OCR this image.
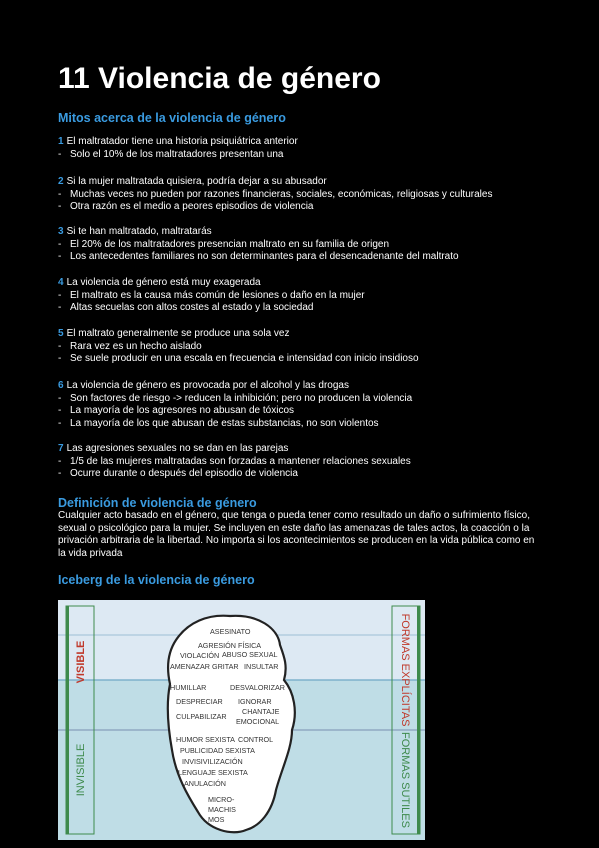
11 Violencia de género
Mitos acerca de la violencia de género
1 El maltratador tiene una historia psiquiátrica anterior
- Solo el 10% de los maltratadores presentan una
2 Si la mujer maltratada quisiera, podría dejar a su abusador
- Muchas veces no pueden por razones financieras, sociales, económicas, religiosas y culturales
- Otra razón es el medio a peores episodios de violencia
3 Si te han maltratado, maltratarás
- El 20% de los maltratadores presencian maltrato en su familia de origen
- Los antecedentes familiares no son determinantes para el desencadenante del maltrato
4 La violencia de género está muy exagerada
- El maltrato es la causa más común de lesiones o daño en la mujer
- Altas secuelas con altos costes al estado y la sociedad
5 El maltrato generalmente se produce una sola vez
- Rara vez es un hecho aislado
- Se suele producir en una escala en frecuencia e intensidad con inicio insidioso
6 La violencia de género es provocada por el alcohol y las drogas
- Son factores de riesgo -> reducen la inhibición; pero no producen la violencia
- La mayoría de los agresores no abusan de tóxicos
- La mayoría de los que abusan de estas substancias, no son violentos
7 Las agresiones sexuales no se dan en las parejas
- 1/5 de las mujeres maltratadas son forzadas a mantener relaciones sexuales
- Ocurre durante o después del episodio de violencia
Definición de violencia de género
Cualquier acto basado en el género, que tenga o pueda tener como resultado un daño o sufrimiento físico, sexual o psicológico para la mujer. Se incluyen en este daño las amenazas de tales actos, la coacción o la privación arbitraria de la libertad. No importa si los acontecimientos se producen en la vida pública como en la vida privada
Iceberg de la violencia de género
VISIBLE
INVISIBLE
FORMAS EXPLÍCITAS
FORMAS SUTILES
ASESINATO
AGRESIÓN FÍSICA
VIOLACIÓN ABUSO SEXUAL
AMENAZAR GRITAR INSULTAR
HUMILLAR	DESVALORIZAR
DESPRECIAR IGNORAR
CULPABILIZAR
CHANTAJE
EMOCIONAL
HUMOR SEXISTA CONTROL
PUBLICIDAD SEXISTA
INVISIVILIZACIÓN
LENGUAJE SEXISTA
ANULACIÓN
MICRO-
MACHIS
MOS
